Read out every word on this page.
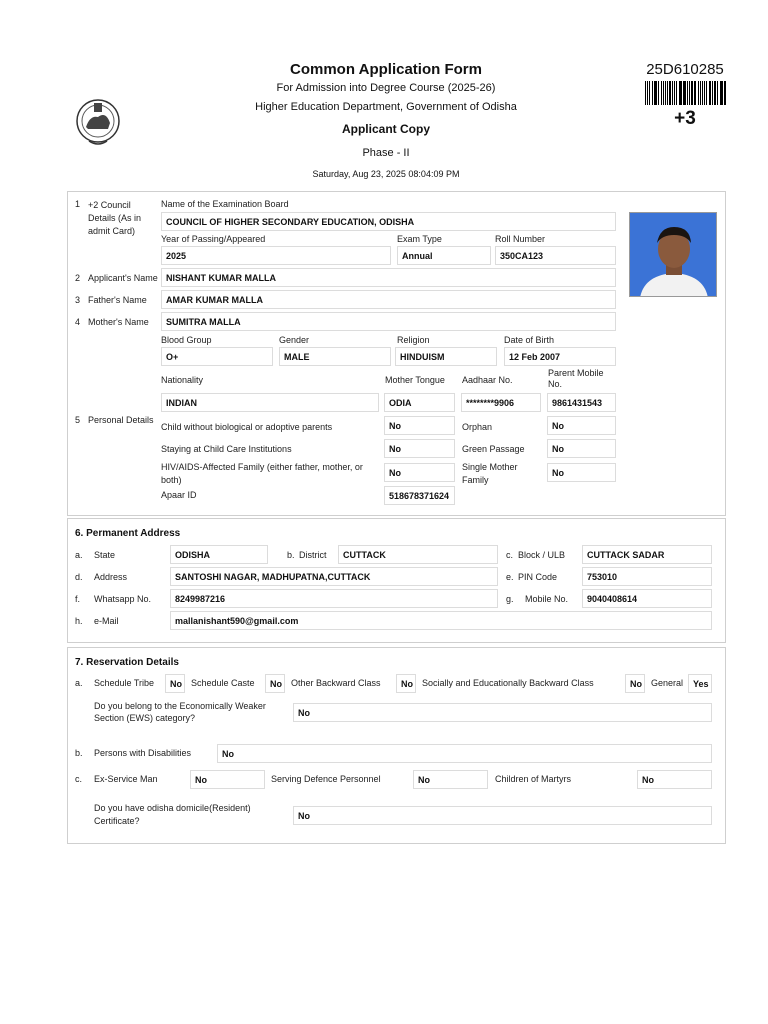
Common Application Form
For Admission into Degree Course (2025-26)
Higher Education Department, Government of Odisha
Applicant Copy
Phase - II
Saturday, Aug 23, 2025 08:04:09 PM
25D610285
+3
1 +2 Council Details (As in admit Card)
Name of the Examination Board
COUNCIL OF HIGHER SECONDARY EDUCATION, ODISHA
Year of Passing/Appeared
2025
Exam Type
Annual
Roll Number
350CA123
2 Applicant's Name NISHANT KUMAR MALLA
3 Father's Name	AMAR KUMAR MALLA
4 Mother's Name	SUMITRA MALLA
Blood Group
O+
Gender
MALE
Religion
HINDUISM
Date of Birth
12 Feb 2007
Nationality
INDIAN
Mother Tongue
ODIA
Aadhaar No.
********9906
Parent Mobile No.
9861431543
5 Personal Details
Child without biological or adoptive parents	No	Orphan	No
Staying at Child Care Institutions	No	Green Passage	No
HIV/AIDS-Affected Family (either father, mother, or both)
No
Single Mother Family
No
Apaar ID	518678371624
6. Permanent Address
a. State	ODISHA	b. District	CUTTACK	c. Block / ULB	CUTTACK SADAR
d. Address	SANTOSHI NAGAR, MADHUPATNA,CUTTACK	e. PIN Code	753010
f. Whatsapp No.	8249987216	g. Mobile No.	9040408614
h. e-Mail	mallanishant590@gmail.com
7. Reservation Details
a. Schedule Tribe	No	Schedule Caste	No	Other Backward Class	No	Socially and Educationally Backward Class	No	General	Yes
Do you belong to the Economically Weaker Section (EWS) category?
No
b. Persons with Disabilities	No
c. Ex-Service Man	No	Serving Defence Personnel	No	Children of Martyrs	No
Do you have odisha domicile(Resident) Certificate?
No
